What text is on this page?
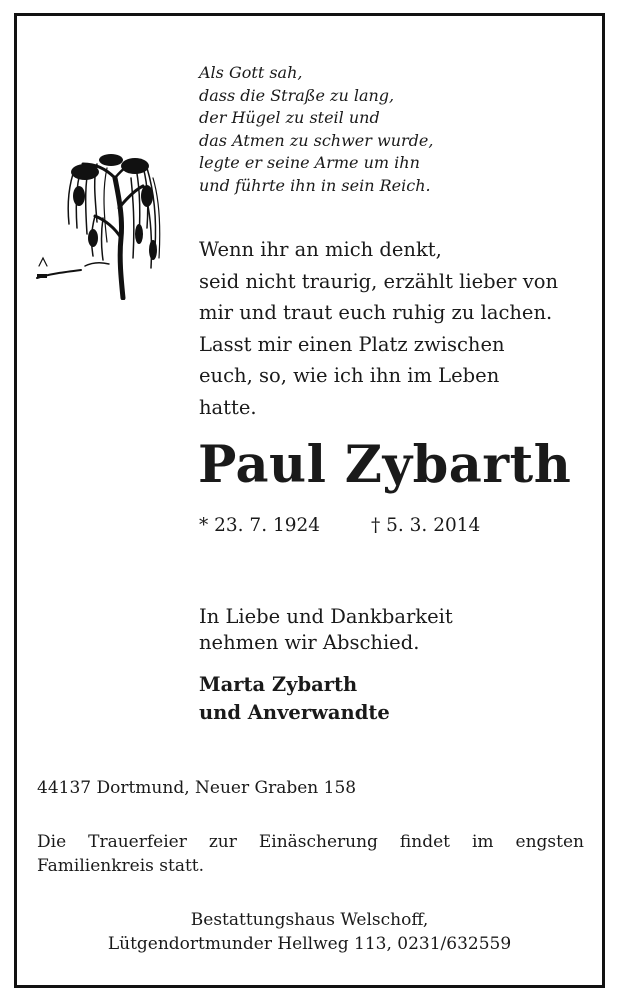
Als Gott sah,
dass die Straße zu lang,
der Hügel zu steil und
das Atmen zu schwer wurde,
legte er seine Arme um ihn
und führte ihn in sein Reich.
Wenn ihr an mich denkt,
seid nicht traurig, erzählt lieber von
mir und traut euch ruhig zu lachen.
Lasst mir einen Platz zwischen
euch, so, wie ich ihn im Leben
hatte.
Paul Zybarth
* 23. 7. 1924	† 5. 3. 2014
In Liebe und Dankbarkeit
nehmen wir Abschied.
Marta Zybarth
und Anverwandte
44137 Dortmund, Neuer Graben 158
Die Trauerfeier zur Einäscherung findet im engsten Familienkreis statt.
Bestattungshaus Welschoff,
Lütgendortmunder Hellweg 113, 0231/632559
